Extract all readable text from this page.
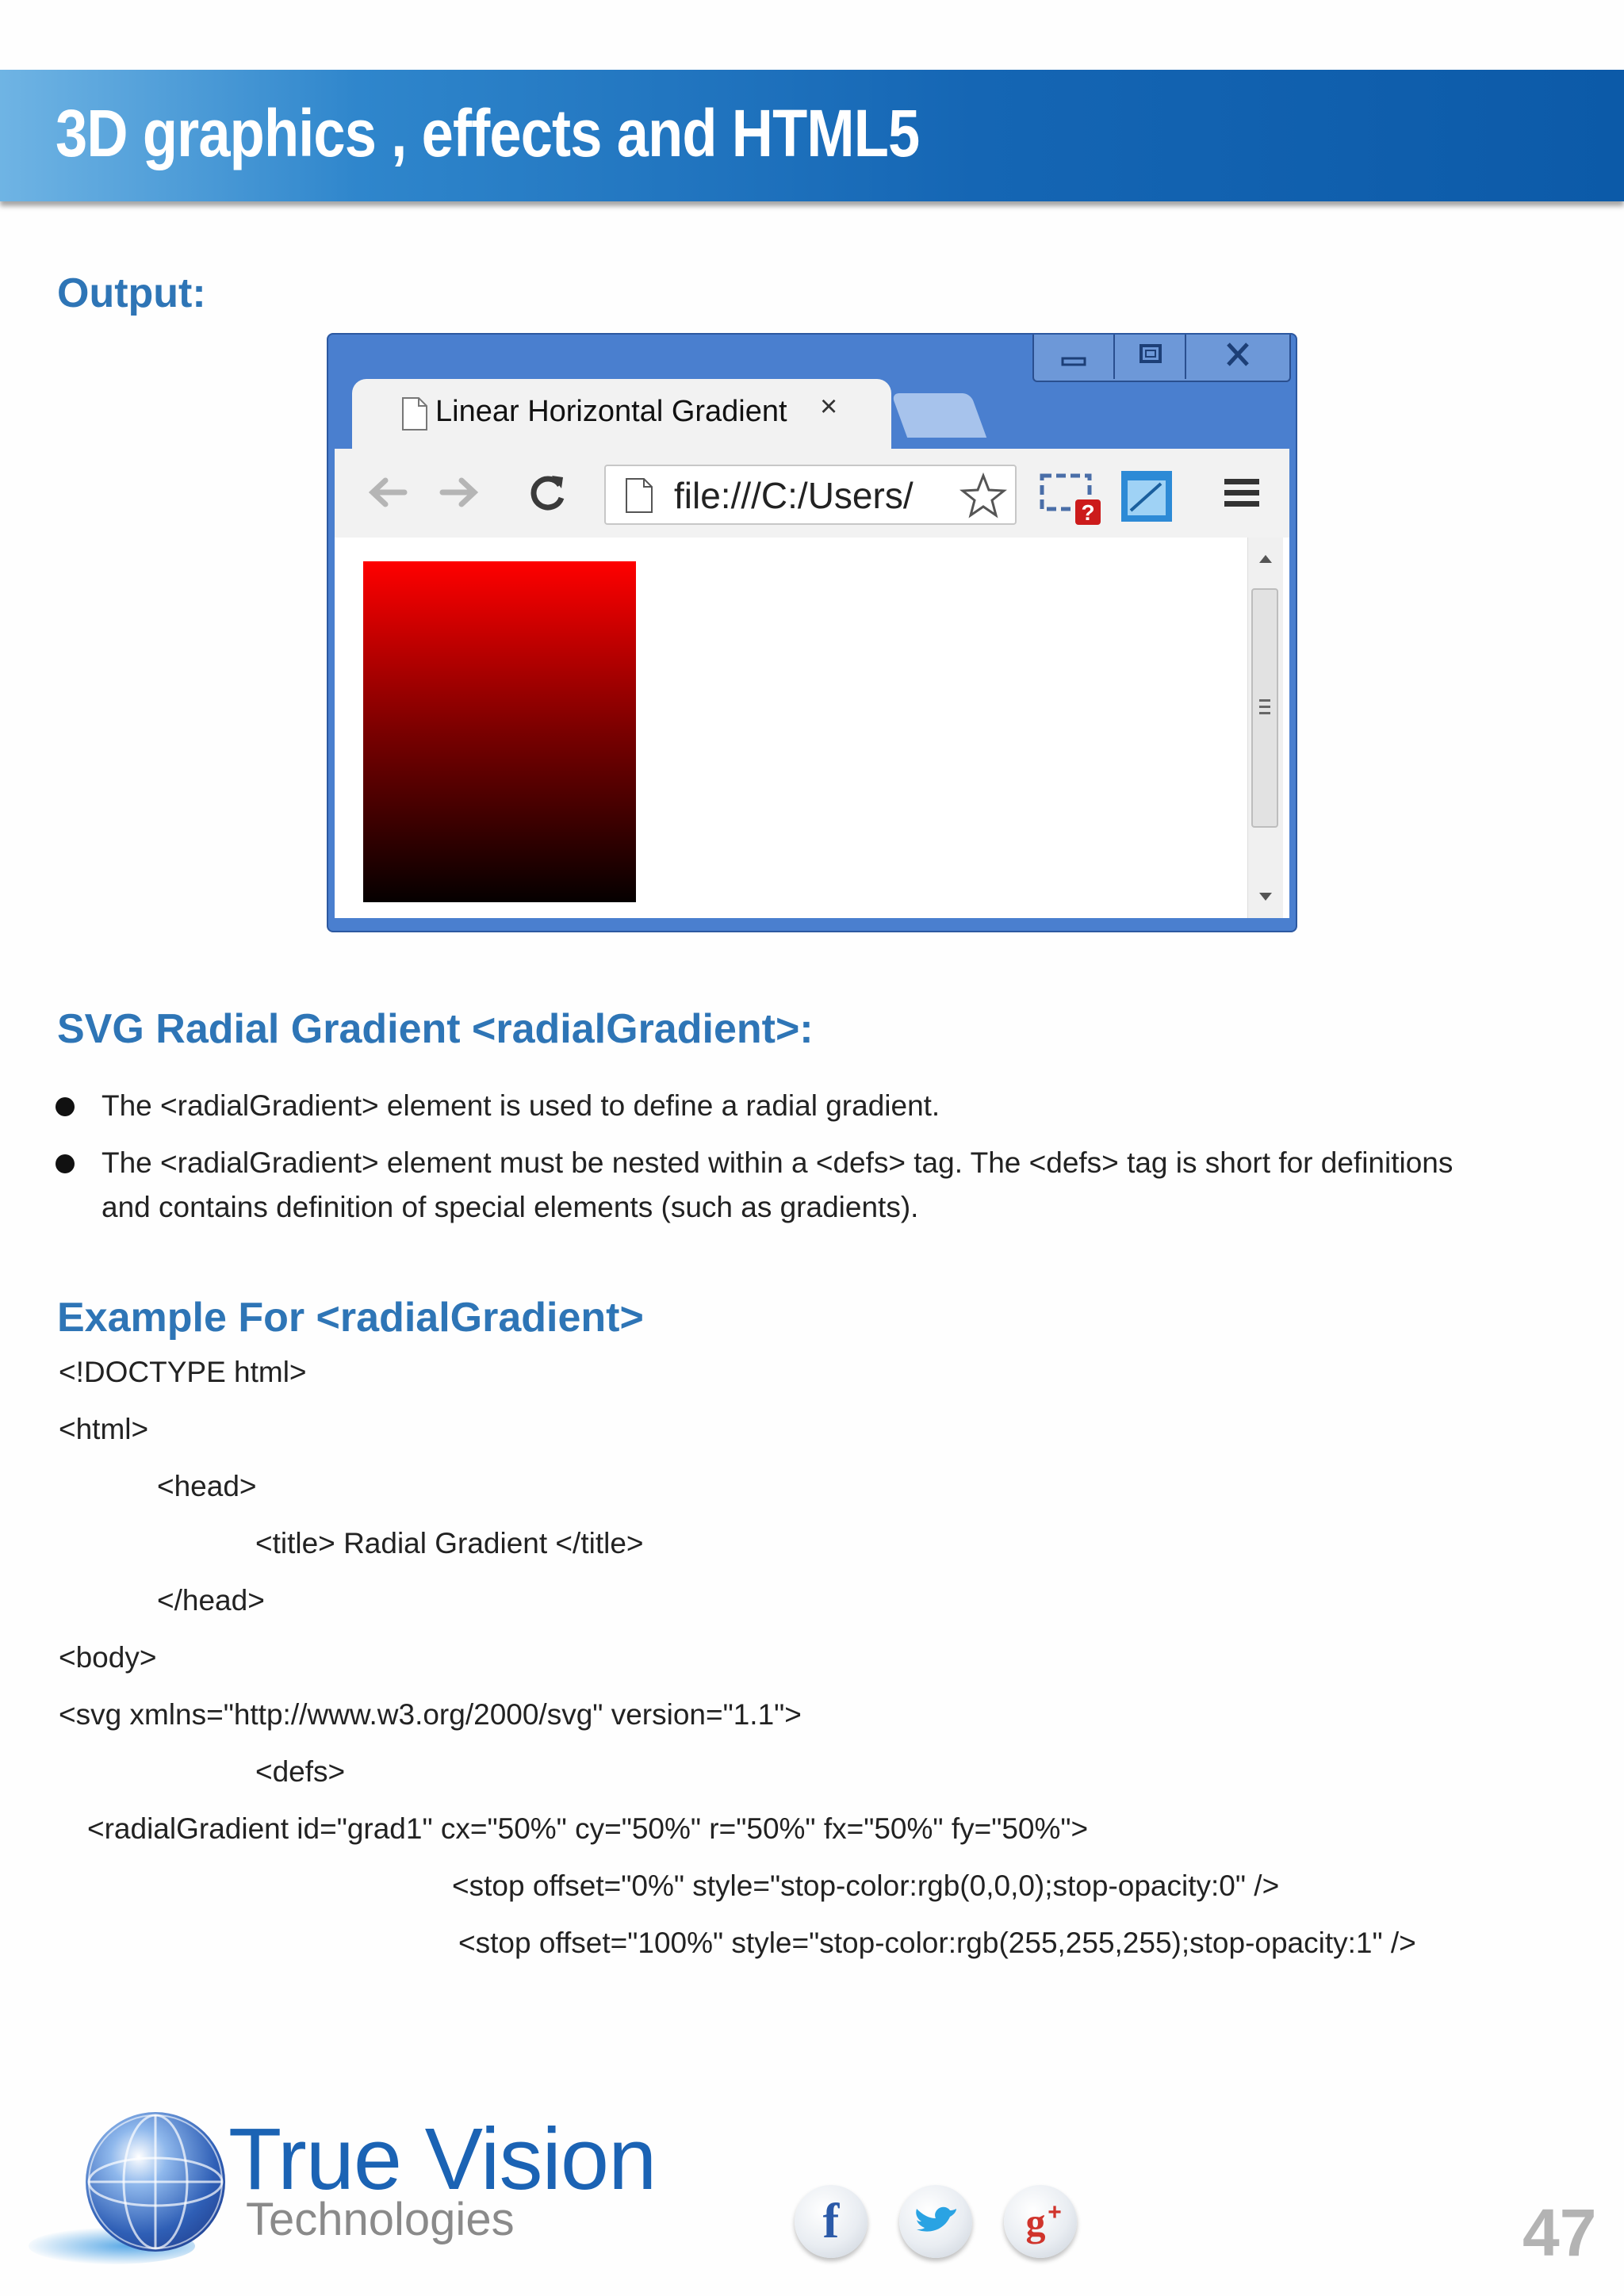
3D graphics , effects and HTML5
Output:
Linear Horizontal Gradient	×
file:///C:/Users/	?
SVG Radial Gradient <radialGradient>:
The <radialGradient> element is used to define a radial gradient.
The <radialGradient> element must be nested within a <defs> tag. The <defs> tag is short for definitions
and contains definition of special elements (such as gradients).
Example For <radialGradient>
<!DOCTYPE html>
<html>
<head>
<title> Radial Gradient </title>
</head>
<body>
<svg xmlns="http://www.w3.org/2000/svg" version="1.1">
<defs>
<radialGradient id="grad1" cx="50%" cy="50%" r="50%" fx="50%" fy="50%">
<stop offset="0%" style="stop-color:rgb(0,0,0);stop-opacity:0" />
<stop offset="100%" style="stop-color:rgb(255,255,255);stop-opacity:1" />
True Vision
Technologies	f	g +	47
